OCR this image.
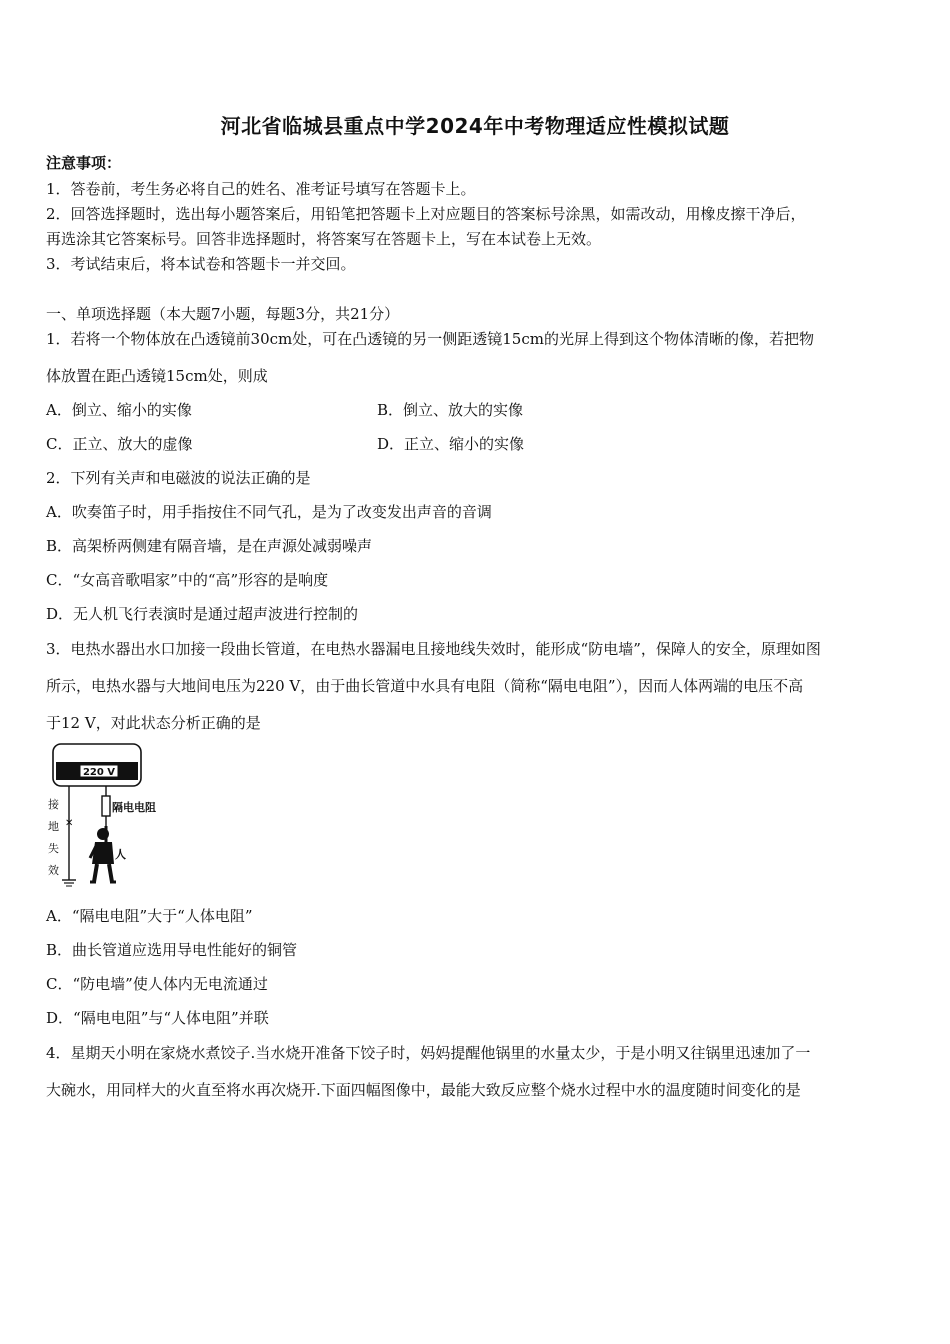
河北省临城县重点中学2024年中考物理适应性模拟试题
注意事项：
1．答卷前，考生务必将自己的姓名、准考证号填写在答题卡上。
2．回答选择题时，选出每小题答案后，用铅笔把答题卡上对应题目的答案标号涂黑，如需改动，用橡皮擦干净后，
再选涂其它答案标号。回答非选择题时，将答案写在答题卡上，写在本试卷上无效。
3．考试结束后，将本试卷和答题卡一并交回。
一、单项选择题（本大题7小题，每题3分，共21分）
1．若将一个物体放在凸透镜前30cm处，可在凸透镜的另一侧距透镜15cm的光屏上得到这个物体清晰的像，若把物
体放置在距凸透镜15cm处，则成
A．倒立、缩小的实像	B．倒立、放大的实像
C．正立、放大的虚像	D．正立、缩小的实像
2．下列有关声和电磁波的说法正确的是
A．吹奏笛子时，用手指按住不同气孔，是为了改变发出声音的音调
B．高架桥两侧建有隔音墙，是在声源处减弱噪声
C．“女高音歌唱家”中的“高”形容的是响度
D．无人机飞行表演时是通过超声波进行控制的
3．电热水器出水口加接一段曲长管道，在电热水器漏电且接地线失效时，能形成“防电墙”，保障人的安全，原理如图
所示，电热水器与大地间电压为220 V，由于曲长管道中水具有电阻（简称“隔电电阻”），因而人体两端的电压不高
于12 V，对此状态分析正确的是
220 V
✕
接
地
失
效
隔电电阻
人
A．“隔电电阻”大于“人体电阻”
B．曲长管道应选用导电性能好的铜管
C．“防电墙”使人体内无电流通过
D．“隔电电阻”与“人体电阻”并联
4．星期天小明在家烧水煮饺子.当水烧开准备下饺子时，妈妈提醒他锅里的水量太少，于是小明又往锅里迅速加了一
大碗水，用同样大的火直至将水再次烧开.下面四幅图像中，最能大致反应整个烧水过程中水的温度随时间变化的是
